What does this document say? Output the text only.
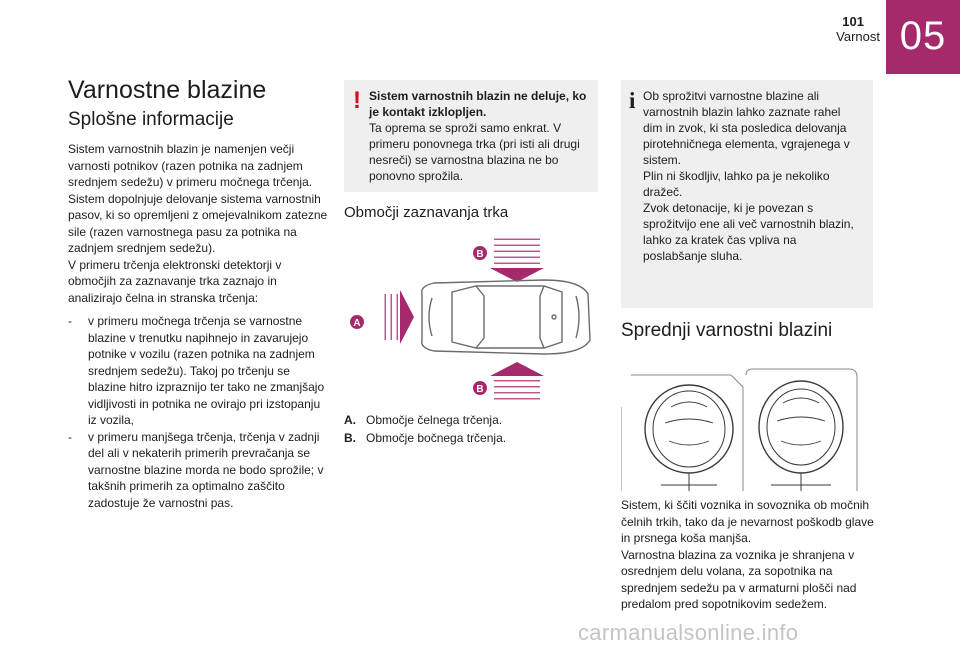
101
Varnost 05
Varnostne blazine
Splošne informacije

Sistem varnostnih blazin je namenjen večji varnosti potnikov (razen potnika na zadnjem srednjem sedežu) v primeru močnega trčenja.

Sistem dopolnjuje delovanje sistema varnostnih pasov, ki so opremljeni z omejevalnikom zatezne sile (razen varnostnega pasu za potnika na zadnjem srednjem sedežu).

V primeru trčenja elektronski detektorji v območjih za zaznavanje trka zaznajo in analizirajo čelna in stranska trčenja:

- v primeru močnega trčenja se varnostne blazine v trenutku napihnejo in zavarujejo potnike v vozilu (razen potnika na zadnjem srednjem sedežu). Takoj po trčenju se blazine hitro izpraznijo ter tako ne zmanjšajo vidljivosti in potnika ne ovirajo pri izstopanju iz vozila,
- v primeru manjšega trčenja, trčenja v zadnji del ali v nekaterih primerih prevračanja se varnostne blazine morda ne bodo sprožile; v takšnih primerih za optimalno zaščito zadostuje že varnostni pas.
! Sistem varnostnih blazin ne deluje, ko je kontakt izklopljen.

Ta oprema se sproži samo enkrat. V primeru ponovnega trka (pri isti ali drugi nesreči) se varnostna blazina ne bo ponovno sprožila.

Območji zaznavanja trka
B
B
A
A. Območje čelnega trčenja.
B. Območje bočnega trčenja.
i Ob sprožitvi varnostne blazine ali varnostnih blazin lahko zaznate rahel dim in zvok, ki sta posledica delovanja pirotehničnega elementa, vgrajenega v sistem.

Plin ni škodljiv, lahko pa je nekoliko dražeč.

Zvok detonacije, ki je povezan s sprožitvijo ene ali več varnostnih blazin, lahko za kratek čas vpliva na poslabšanje sluha.

Sprednji varnostni blazini

Sistem, ki ščiti voznika in sovoznika ob močnih čelnih trkih, tako da je nevarnost poškodb glave in prsnega koša manjša.

Varnostna blazina za voznika je shranjena v osrednjem delu volana, za sopotnika na sprednjem sedežu pa v armaturni plošči nad predalom pred sopotnikovim sedežem.

carmanualsonline.info
